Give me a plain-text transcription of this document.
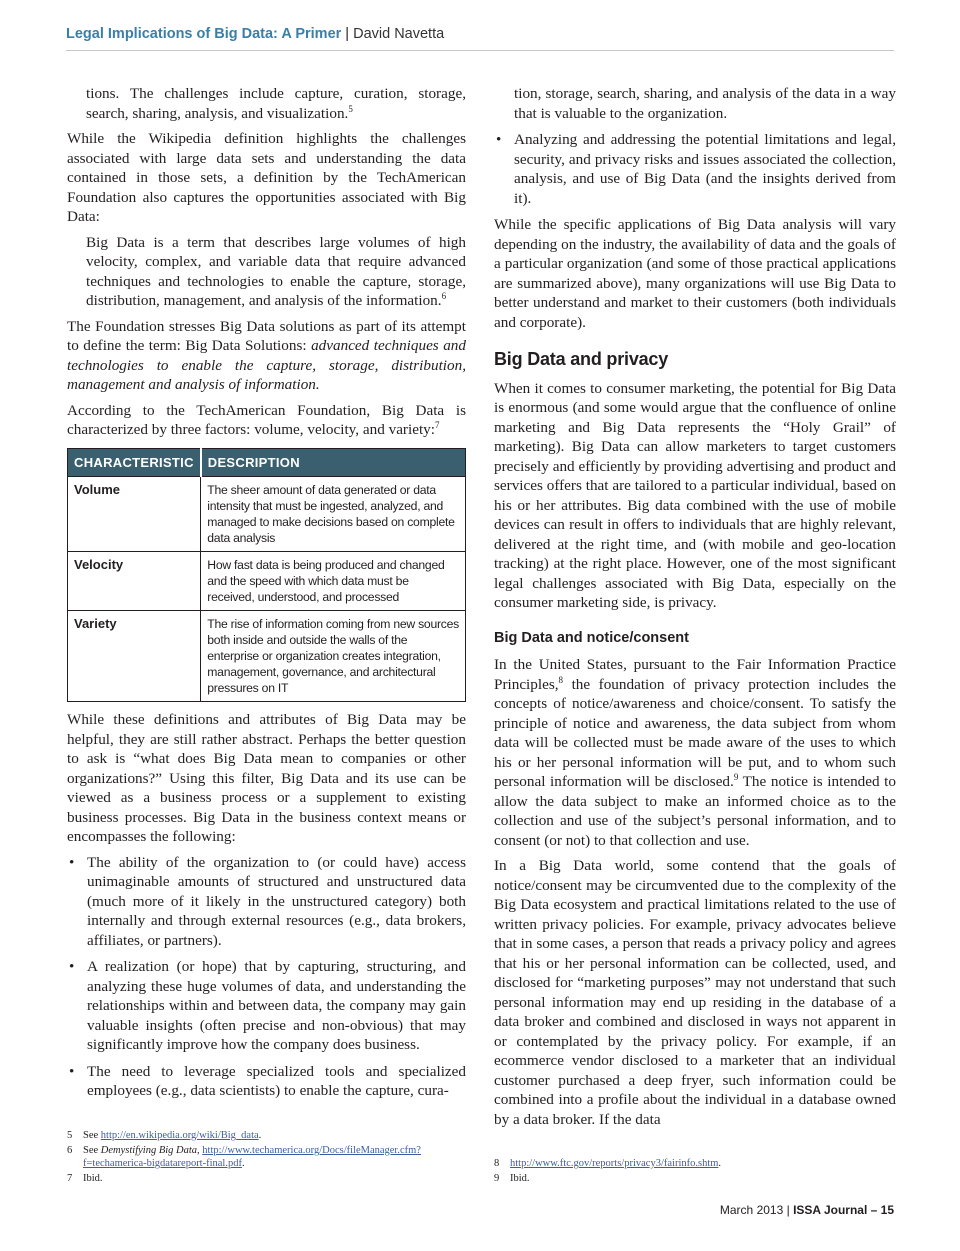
Legal Implications of Big Data: A Primer | David Navetta

tions. The challenges include capture, curation, storage, search, sharing, analysis, and visualization.$^5$

While the Wikipedia definition highlights the challenges associated with large data sets and understanding the data contained in those sets, a definition by the TechAmerican Foundation also captures the opportunities associated with Big Data:

Big Data is a term that describes large volumes of high velocity, complex, and variable data that require advanced techniques and technologies to enable the capture, storage, distribution, management, and analysis of the information.$^6$

The Foundation stresses Big Data solutions as part of its attempt to define the term: Big Data Solutions: advanced techniques and technologies to enable the capture, storage, distribution, management and analysis of information.

According to the TechAmerican Foundation, Big Data is characterized by three factors: volume, velocity, and variety:$^7$

CHARACTERISTIC	DESCRIPTION
Volume	The sheer amount of data generated or data intensity that must be ingested, analyzed, and managed to make decisions based on complete data analysis
Velocity	How fast data is being produced and changed and the speed with which data must be received, understood, and processed
Variety	The rise of information coming from new sources both inside and outside the walls of the enterprise or organization creates integration, management, governance, and architectural pressures on IT

While these definitions and attributes of Big Data may be helpful, they are still rather abstract. Perhaps the better question to ask is “what does Big Data mean to companies or other organizations?” Using this filter, Big Data and its use can be viewed as a business process or a supplement to existing business processes. Big Data in the business context means or encompasses the following:

• The ability of the organization to (or could have) access unimaginable amounts of structured and unstructured data (much more of it likely in the unstructured category) both internally and through external resources (e.g., data brokers, affiliates, or partners).
• A realization (or hope) that by capturing, structuring, and analyzing these huge volumes of data, and understanding the relationships within and between data, the company may gain valuable insights (often precise and non-obvious) that may significantly improve how the company does business.
• The need to leverage specialized tools and specialized employees (e.g., data scientists) to enable the capture, cura-
tion, storage, search, sharing, and analysis of the data in a way that is valuable to the organization.
• Analyzing and addressing the potential limitations and legal, security, and privacy risks and issues associated the collection, analysis, and use of Big Data (and the insights derived from it).

While the specific applications of Big Data analysis will vary depending on the industry, the availability of data and the goals of a particular organization (and some of those practical applications are summarized above), many organizations will use Big Data to better understand and market to their customers (both individuals and corporate).

Big Data and privacy

When it comes to consumer marketing, the potential for Big Data is enormous (and some would argue that the confluence of online marketing and Big Data represents the “Holy Grail” of marketing). Big Data can allow marketers to target customers precisely and efficiently by providing advertising and product and services offers that are tailored to a particular individual, based on his or her attributes. Big data combined with the use of mobile devices can result in offers to individuals that are highly relevant, delivered at the right time, and (with mobile and geo-location tracking) at the right place. However, one of the most significant legal challenges associated with Big Data, especially on the consumer marketing side, is privacy.

Big Data and notice/consent

In the United States, pursuant to the Fair Information Practice Principles,$^8$ the foundation of privacy protection includes the concepts of notice/awareness and choice/consent. To satisfy the principle of notice and awareness, the data subject from whom data will be collected must be made aware of the uses to which his or her personal information will be put, and to whom such personal information will be disclosed.$^9$ The notice is intended to allow the data subject to make an informed choice as to the collection and use of the subject’s personal information, and to consent (or not) to that collection and use.

In a Big Data world, some contend that the goals of notice/consent may be circumvented due to the complexity of the Big Data ecosystem and practical limitations related to the use of written privacy policies. For example, privacy advocates believe that in some cases, a person that reads a privacy policy and agrees that his or her personal information can be collected, used, and disclosed for “marketing purposes” may not understand that such personal information may end up residing in the database of a data broker and combined and disclosed in ways not apparent in or contemplated by the privacy policy. For example, if an ecommerce vendor disclosed to a marketer that an individual customer purchased a deep fryer, such information could be combined into a profile about the individual in a database owned by a data broker. If the data

5	See http://en.wikipedia.org/wiki/Big_data.
6	See Demystifying Big Data, http://www.techamerica.org/Docs/fileManager.cfm?f=techamerica-bigdatareport-final.pdf.
7	Ibid.
8	http://www.ftc.gov/reports/privacy3/fairinfo.shtm.
9	Ibid.
March 2013 | ISSA Journal – 15
